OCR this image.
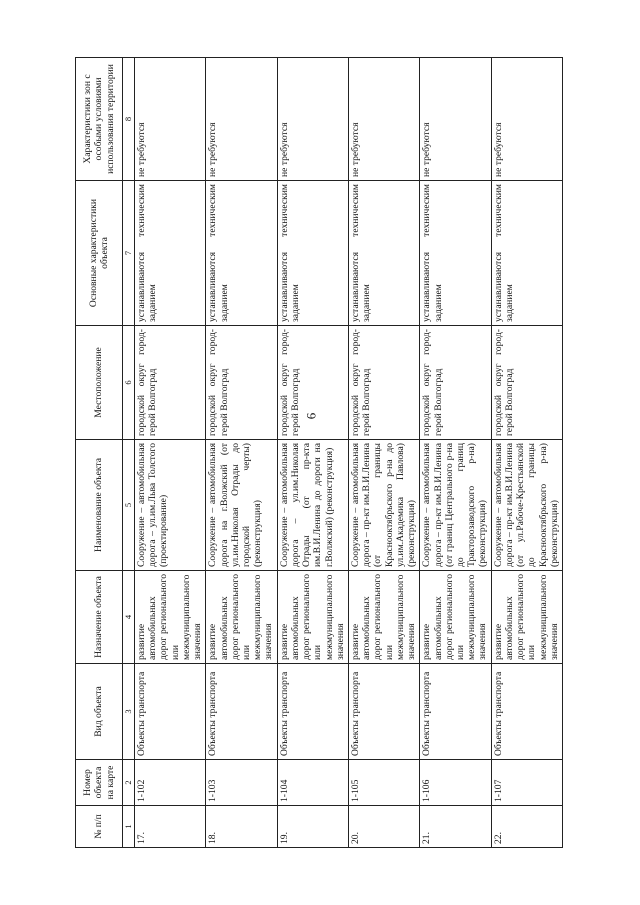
6
№ п/п	Номер объекта на карте	Вид объекта	Назначение объекта	Наименование объекта	Местоположение	Основные характеристики объекта	Характеристики зон с особыми условиями использования территории
1	2	3	4	5	6	7	8
17.	1-102	Объекты транспорта	развитие автомобильных дорог регионального или межмуниципального значения	Сооружение – автомобильная дорога – ул.им.Льва Толстого (проектирование)	городской округ город-герой Волгоград	устанавливаются техническим заданием	не требуются
18.	1-103	Объекты транспорта	развитие автомобильных дорог регионального или межмуниципального значения	Сооружение – автомобильная дорога на г.Волжский (от ул.им.Николая Отрады до городской черты) (реконструкция)	городской округ город-герой Волгоград	устанавливаются техническим заданием	не требуются
19.	1-104	Объекты транспорта	развитие автомобильных дорог регионального или межмуниципального значения	Сооружение – автомобильная дорога – ул.им.Николая Отрады (от пр-кта им.В.И.Ленина до дороги на г.Волжский) (реконструкция)	городской округ город-герой Волгоград	устанавливаются техническим заданием	не требуются
20.	1-105	Объекты транспорта	развитие автомобильных дорог регионального или межмуниципального значения	Сооружение – автомобильная дорога – пр-кт им.В.И.Ленина (от границы Краснооктябрьского р-на до ул.им.Академика Павлова) (реконструкция)	городской округ город-герой Волгоград	устанавливаются техническим заданием	не требуются
21.	1-106	Объекты транспорта	развитие автомобильных дорог регионального или межмуниципального значения	Сооружение – автомобильная дорога – пр-кт им.В.И.Ленина (от границ Центрального р-на до границ Тракторозаводского р-на) (реконструкция)	городской округ город-герой Волгоград	устанавливаются техническим заданием	не требуются
22.	1-107	Объекты транспорта	развитие автомобильных дорог регионального или межмуниципального значения	Сооружение – автомобильная дорога – пр-кт им.В.И.Ленина (от ул.Рабоче-Крестьянской до границы Краснооктябрьского р-на) (реконструкция)	городской округ город-герой Волгоград	устанавливаются техническим заданием	не требуются
